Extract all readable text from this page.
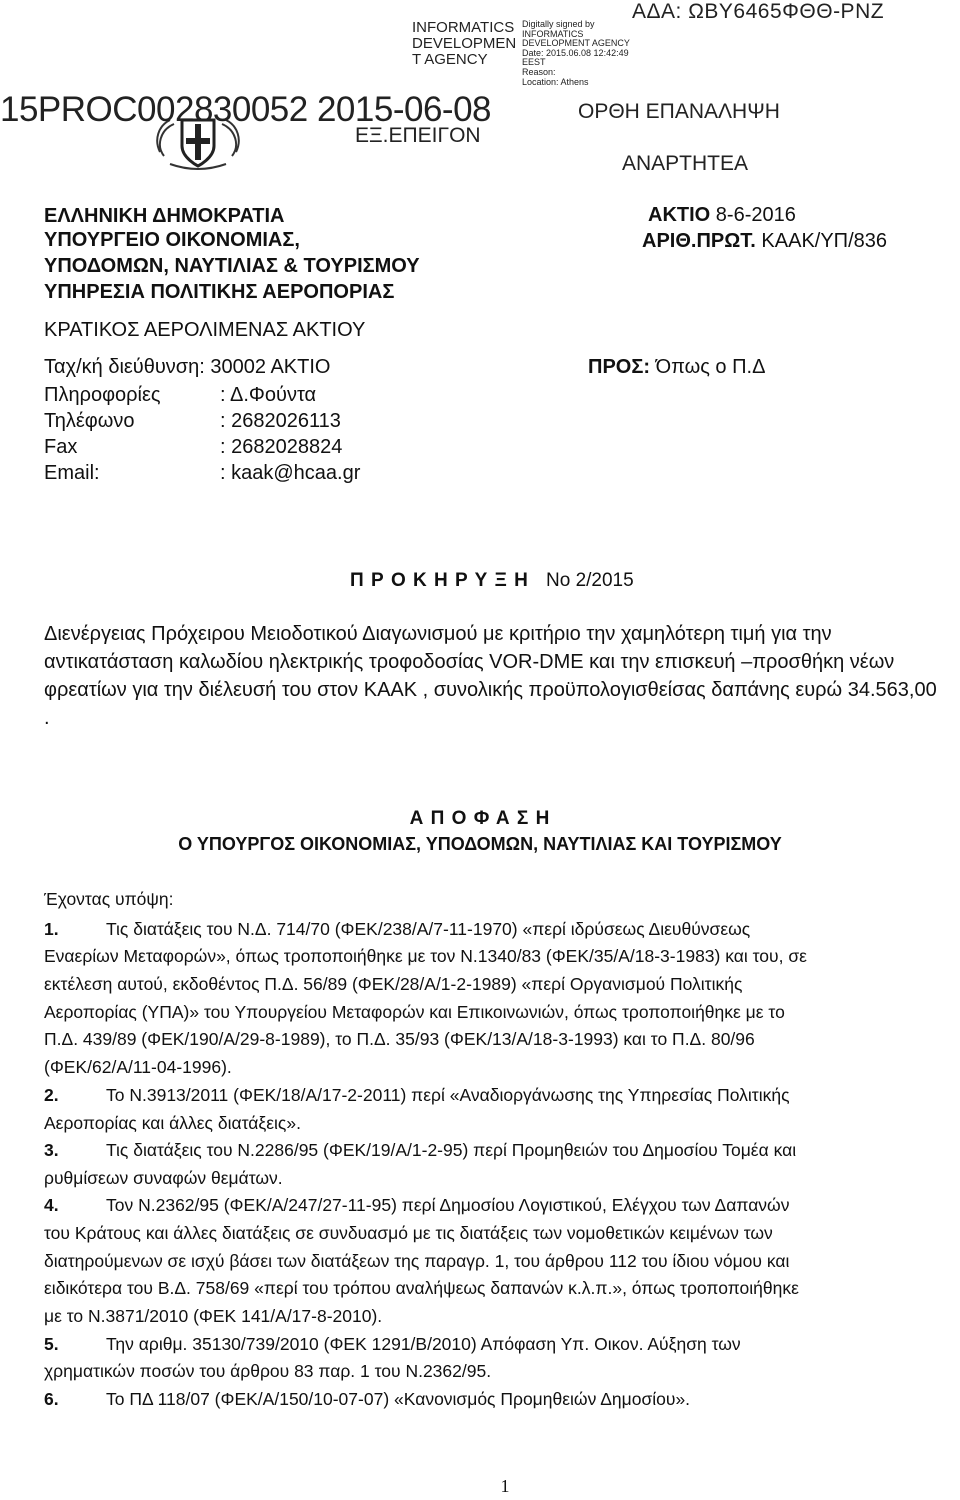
INFORMATICS
DEVELOPMEN
T AGENCY
Digitally signed by
INFORMATICS
DEVELOPMENT AGENCY
Date: 2015.06.08 12:42:49
EEST
Reason:
Location: Athens
ΑΔΑ: ΩΒΥ6465ΦΘΘ-ΡΝΖ
15PROC002830052 2015-06-08	ΟΡΘΗ ΕΠΑΝΑΛΗΨΗ
ΕΞ.ΕΠΕΙΓΟΝ
ΑΝΑΡΤΗΤΕΑ
ΕΛΛΗΝΙΚΗ ΔΗΜΟΚΡΑΤΙΑ
ΥΠΟΥΡΓΕΙΟ ΟΙΚΟΝΟΜΙΑΣ,
ΥΠΟΔΟΜΩΝ, ΝΑΥΤΙΛΙΑΣ & ΤΟΥΡΙΣΜΟΥ
ΥΠΗΡΕΣΙΑ ΠΟΛΙΤΙΚΗΣ ΑΕΡΟΠΟΡΙΑΣ
ΚΡΑΤΙΚΟΣ ΑΕΡΟΛΙΜΕΝΑΣ ΑΚΤΙΟΥ
ΑΚΤΙΟ 8-6-2016
ΑΡΙΘ.ΠΡΩΤ. ΚΑΑΚ/ΥΠ/836
ΠΡΟΣ: Όπως ο Π.Δ
Ταχ/κή διεύθυνση: 30002 ΑΚΤΙΟ
Πληροφορίες	: Δ.Φούντα
Τηλέφωνο	: 2682026113
Fax	: 2682028824
Email:	: kaak@hcaa.gr
Π Ρ Ο Κ Η Ρ Υ Ξ Η Νο 2/2015
Διενέργειας Πρόχειρου Μειοδοτικού Διαγωνισμού με κριτήριο την χαμηλότερη τιμή για την αντικατάσταση καλωδίου ηλεκτρικής τροφοδοσίας VOR-DME και την επισκευή –προσθήκη νέων φρεατίων για την διέλευσή του στον ΚΑΑΚ , συνολικής προϋπολογισθείσας δαπάνης ευρώ 34.563,00 .
Α Π Ο Φ Α Σ Η
Ο ΥΠΟΥΡΓΟΣ ΟΙΚΟΝΟΜΙΑΣ, ΥΠΟΔΟΜΩΝ, ΝΑΥΤΙΛΙΑΣ ΚΑΙ ΤΟΥΡΙΣΜΟΥ
Έχοντας υπόψη:
1.	Τις διατάξεις του Ν.Δ. 714/70 (ΦΕΚ/238/Α/7-11-1970) «περί ιδρύσεως Διευθύνσεως
Εναερίων Μεταφορών», όπως τροποποιήθηκε με τον Ν.1340/83 (ΦΕΚ/35/Α/18-3-1983) και του, σε
εκτέλεση αυτού, εκδοθέντος Π.Δ. 56/89 (ΦΕΚ/28/Α/1-2-1989) «περί Οργανισμού Πολιτικής
Αεροπορίας (ΥΠΑ)» του Υπουργείου Μεταφορών και Επικοινωνιών, όπως τροποποιήθηκε με το
Π.Δ. 439/89 (ΦΕΚ/190/Α/29-8-1989), το Π.Δ. 35/93 (ΦΕΚ/13/Α/18-3-1993) και το Π.Δ. 80/96
(ΦΕΚ/62/Α/11-04-1996).
2.	Το Ν.3913/2011 (ΦΕΚ/18/Α/17-2-2011) περί «Αναδιοργάνωσης της Υπηρεσίας Πολιτικής
Αεροπορίας και άλλες διατάξεις».
3.	Τις διατάξεις του Ν.2286/95 (ΦΕΚ/19/Α/1-2-95) περί Προμηθειών του Δημοσίου Τομέα και
ρυθμίσεων συναφών θεμάτων.
4.	Τον Ν.2362/95 (ΦΕΚ/Α/247/27-11-95) περί Δημοσίου Λογιστικού, Ελέγχου των Δαπανών
του Κράτους και άλλες διατάξεις σε συνδυασμό με τις διατάξεις των νομοθετικών κειμένων των
διατηρούμενων σε ισχύ βάσει των διατάξεων της παραγρ. 1, του άρθρου 112 του ίδιου νόμου και
ειδικότερα του Β.Δ. 758/69 «περί του τρόπου αναλήψεως δαπανών κ.λ.π.», όπως τροποποιήθηκε
με το Ν.3871/2010 (ΦΕΚ 141/Α/17-8-2010).
5.	Την αριθμ. 35130/739/2010 (ΦΕΚ 1291/Β/2010) Απόφαση Υπ. Οικον. Αύξηση των
χρηματικών ποσών του άρθρου 83 παρ. 1 του Ν.2362/95.
6.	Το ΠΔ 118/07 (ΦΕΚ/Α/150/10-07-07) «Κανονισμός Προμηθειών Δημοσίου».
1
